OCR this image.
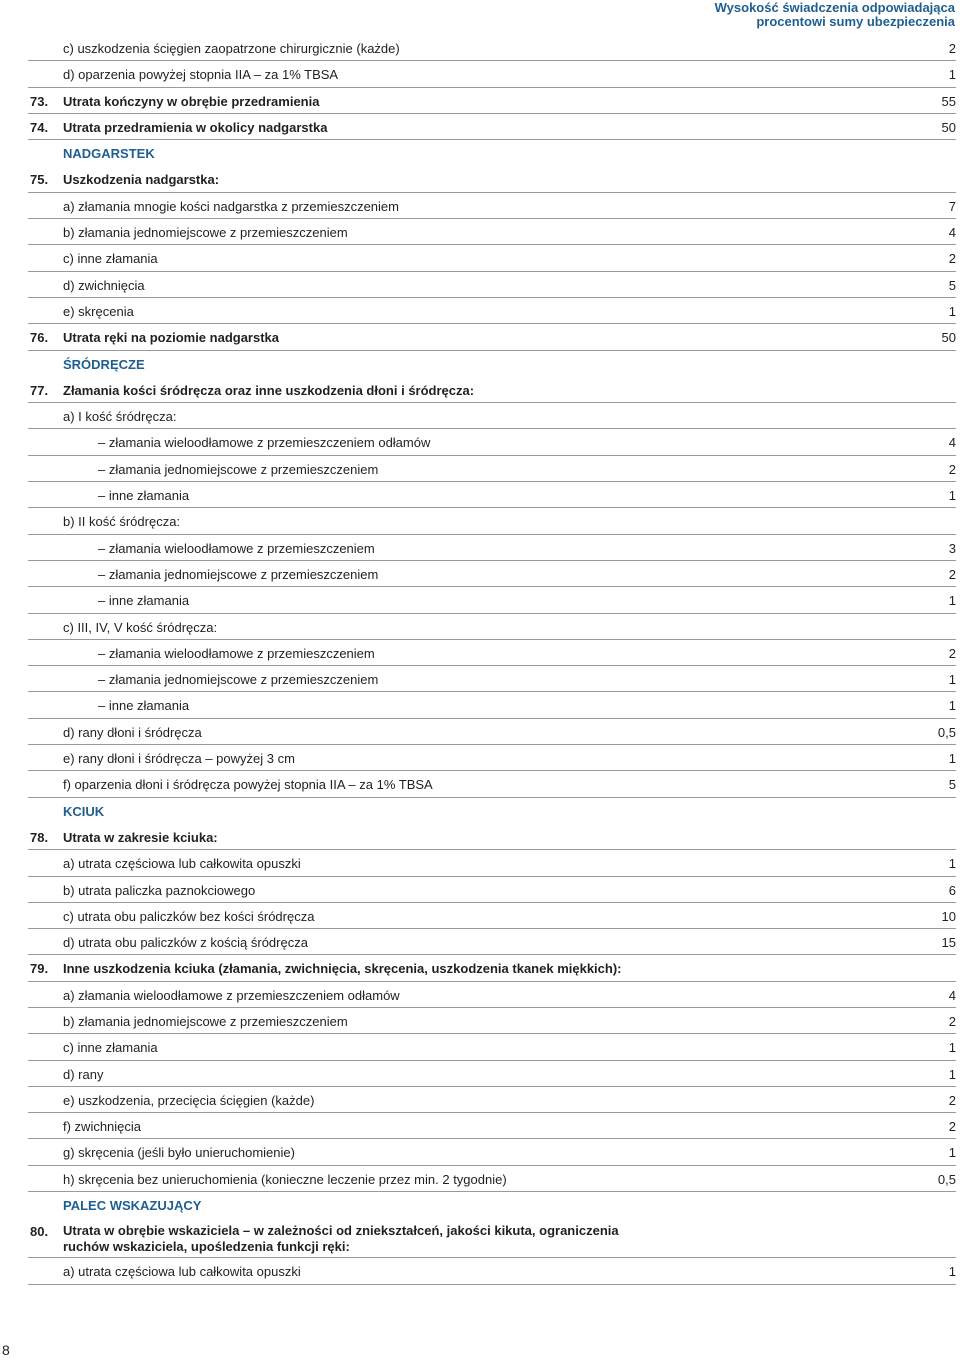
Wysokość świadczenia odpowiadająca
procentowi sumy ubezpieczenia
c) uszkodzenia ścięgien zaopatrzone chirurgicznie (każde)	2
d) oparzenia powyżej stopnia IIA – za 1% TBSA	1
73. Utrata kończyny w obrębie przedramienia	55
74. Utrata przedramienia w okolicy nadgarstka	50
NADGARSTEK
75. Uszkodzenia nadgarstka:
a) złamania mnogie kości nadgarstka z przemieszczeniem	7
b) złamania jednomiejscowe z przemieszczeniem	4
c) inne złamania	2
d) zwichnięcia	5
e) skręcenia	1
76. Utrata ręki na poziomie nadgarstka	50
ŚRÓDRĘCZE
77. Złamania kości śródręcza oraz inne uszkodzenia dłoni i śródręcza:
a) I kość śródręcza:
– złamania wieloodłamowe z przemieszczeniem odłamów	4
– złamania jednomiejscowe z przemieszczeniem	2
– inne złamania	1
b) II kość śródręcza:
– złamania wieloodłamowe z przemieszczeniem	3
– złamania jednomiejscowe z przemieszczeniem	2
– inne złamania	1
c) III, IV, V kość śródręcza:
– złamania wieloodłamowe z przemieszczeniem	2
– złamania jednomiejscowe z przemieszczeniem	1
– inne złamania	1
d) rany dłoni i śródręcza	0,5
e) rany dłoni i śródręcza – powyżej 3 cm	1
f) oparzenia dłoni i śródręcza powyżej stopnia IIA – za 1% TBSA	5
KCIUK
78. Utrata w zakresie kciuka:
a) utrata częściowa lub całkowita opuszki	1
b) utrata paliczka paznokciowego	6
c) utrata obu paliczków bez kości śródręcza	10
d) utrata obu paliczków z kością śródręcza	15
79. Inne uszkodzenia kciuka (złamania, zwichnięcia, skręcenia, uszkodzenia tkanek miękkich):
a) złamania wieloodłamowe z przemieszczeniem odłamów	4
b) złamania jednomiejscowe z przemieszczeniem	2
c) inne złamania	1
d) rany	1
e) uszkodzenia, przecięcia ścięgien (każde)	2
f) zwichnięcia	2
g) skręcenia (jeśli było unieruchomienie)	1
h) skręcenia bez unieruchomienia (konieczne leczenie przez min. 2 tygodnie)	0,5
PALEC WSKAZUJĄCY
80. Utrata w obrębie wskaziciela – w zależności od zniekształceń, jakości kikuta, ograniczenia ruchów wskaziciela, upośledzenia funkcji ręki:
a) utrata częściowa lub całkowita opuszki	1
8
